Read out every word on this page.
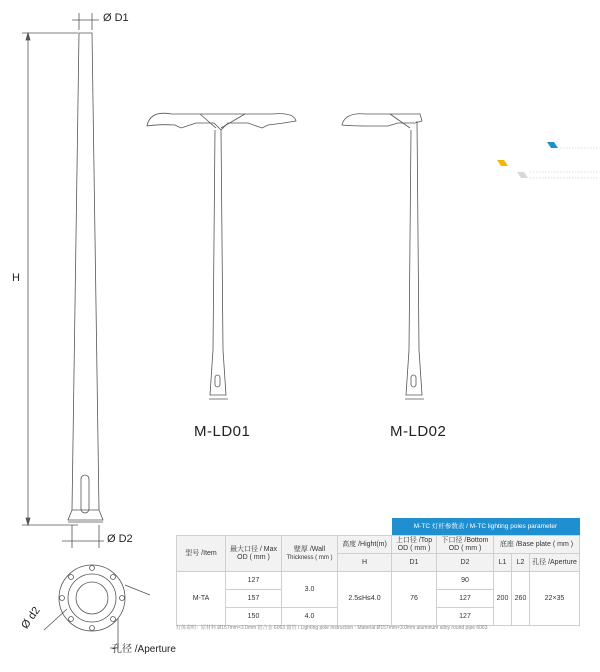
Ø D1
H
Ø D2
Ø d2
孔径 /Aperture
M-LD01	M-LD02
				M-TC 灯杆参数表 / M-TC lighting poles parameter				
型号 /Item	最大口径 / Max OD ( mm )	壁厚 /Wall
Thickness ( mm )	高度 /Hight(m)	上口径 /Top OD ( mm )	下口径 /Bottom OD ( mm )	底座 /Base plate ( mm )		
			H	D1	D2	L1	L2	孔径 /Aperture
M-TA	127	3.0	2.5≤H≤4.0	76	90	200	260	22×35
	157				127			
	150	4.0			127			
灯体说明：原材料 Ø157mm×3.0mm 铝合金 6063 圆管 / Lighting pole instruction : Material Ø157mm×3.0mm aluminum alloy round pipe 6063
